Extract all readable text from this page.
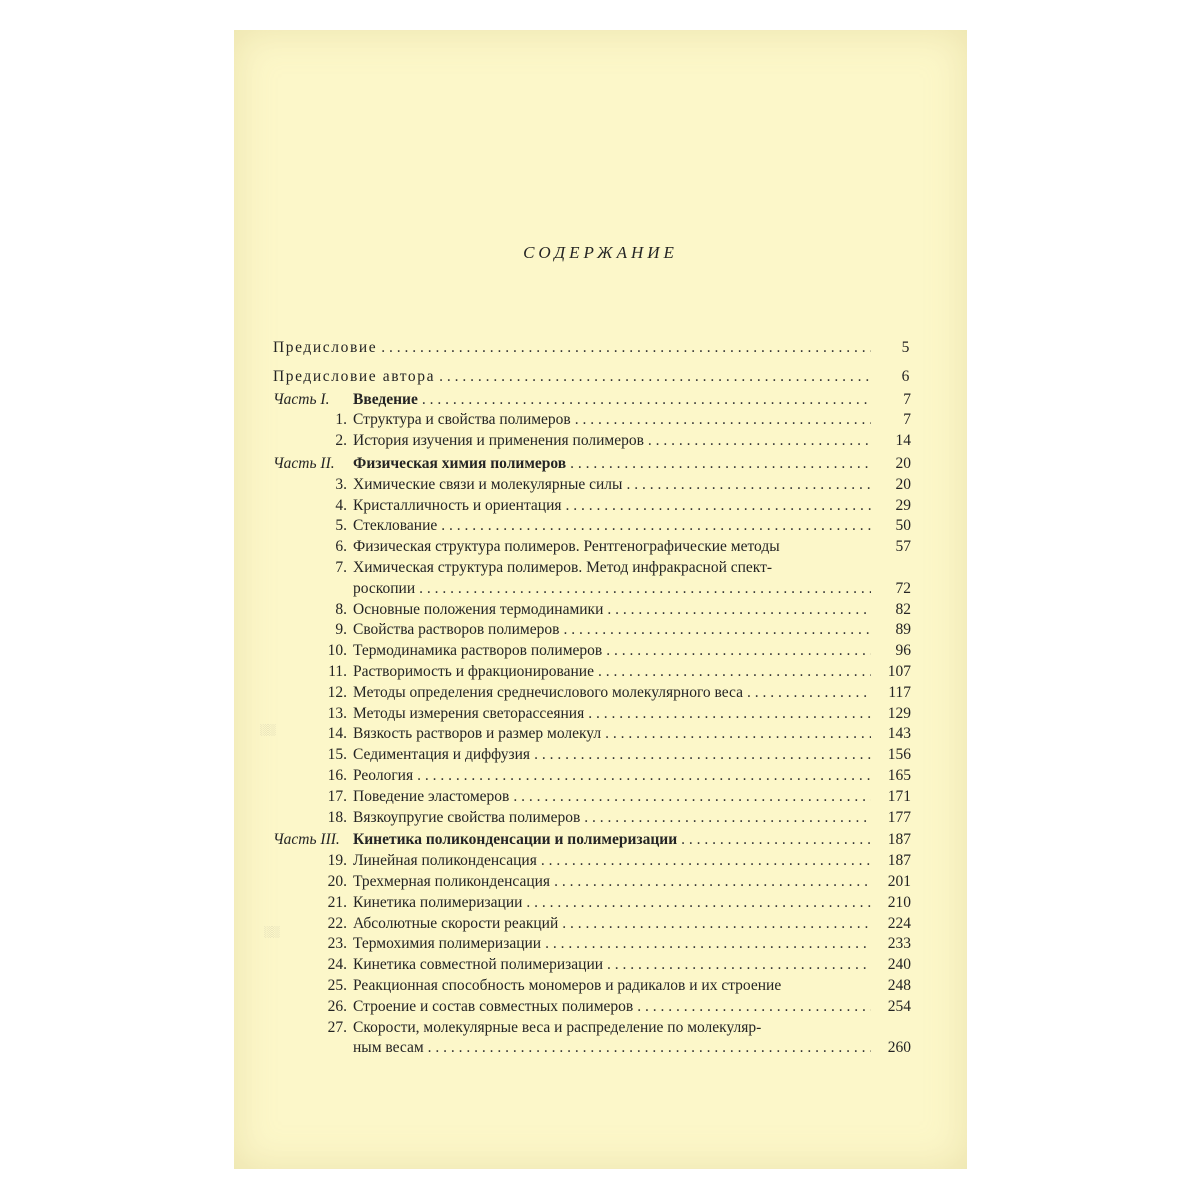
СОДЕРЖАНИЕ
Предисловие . . .	5
Предисловие автора . . .	6
Часть I.	Введение . . .	7
1. Структура и свойства полимеров . . .	7
2. История изучения и применения полимеров . . .	14
Часть II.	Физическая химия полимеров . . .	20
3. Химические связи и молекулярные силы . . .	20
4. Кристалличность и ориентация . . .	29
5. Стеклование . . .	50
6. Физическая структура полимеров. Рентгенографические методы	57
7. Химическая структура полимеров. Метод инфракрасной спект-
роскопии . . .	72
8. Основные положения термодинамики . . .	82
9. Свойства растворов полимеров . . .	89
10. Термодинамика растворов полимеров . . .	96
11. Растворимость и фракционирование . . .	107
12. Методы определения среднечислового молекулярного веса . . .	117
13. Методы измерения светорассеяния . . .	129
14. Вязкость растворов и размер молекул . . .	143
15. Седиментация и диффузия . . .	156
16. Реология . . .	165
17. Поведение эластомеров . . .	171
18. Вязкоупругие свойства полимеров . . .	177
Часть III. Кинетика поликонденсации и полимеризации . . .	187
19. Линейная поликонденсация . . .	187
20. Трехмерная поликонденсация . . .	201
21. Кинетика полимеризации . . .	210
22. Абсолютные скорости реакций . . .	224
23. Термохимия полимеризации . . .	233
24. Кинетика совместной полимеризации . . .	240
25. Реакционная способность мономеров и радикалов и их строение	248
26. Строение и состав совместных полимеров . . .	254
27. Скорости, молекулярные веса и распределение по молекуляр-
ным весам . . .	260
░░
░░
